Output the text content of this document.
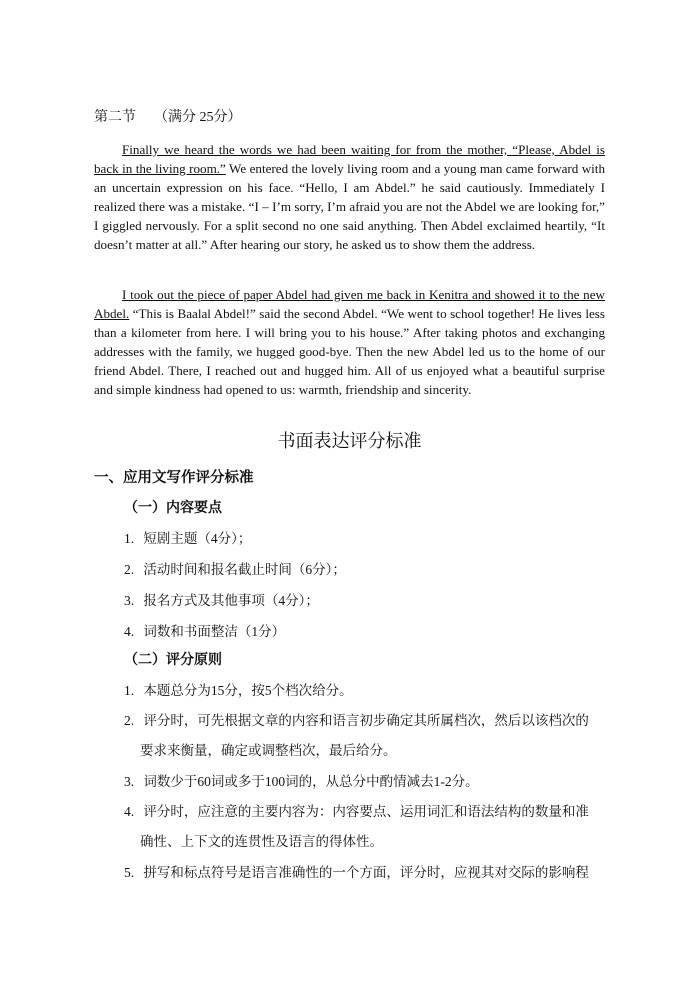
第二节 （满分 25分）

Finally we heard the words we had been waiting for from the mother, “Please, Abdel is back in the living room.” We entered the lovely living room and a young man came forward with an uncertain expression on his face. “Hello, I am Abdel.” he said cautiously. Immediately I realized there was a mistake. “I – I’m sorry, I’m afraid you are not the Abdel we are looking for,” I giggled nervously. For a split second no one said anything. Then Abdel exclaimed heartily, “It doesn’t matter at all.” After hearing our story, he asked us to show them the address.

I took out the piece of paper Abdel had given me back in Kenitra and showed it to the new Abdel. “This is Baalal Abdel!” said the second Abdel. “We went to school together! He lives less than a kilometer from here. I will bring you to his house.” After taking photos and exchanging addresses with the family, we hugged good-bye. Then the new Abdel led us to the home of our friend Abdel. There, I reached out and hugged him. All of us enjoyed what a beautiful surprise and simple kindness had opened to us: warmth, friendship and sincerity.

书面表达评分标准
一、应用文写作评分标准
（一）内容要点
1. 短剧主题（4分）；
2. 活动时间和报名截止时间（6分）；
3. 报名方式及其他事项（4分）；
4. 词数和书面整洁（1分）
（二）评分原则
1. 本题总分为15分，按5个档次给分。
2. 评分时，可先根据文章的内容和语言初步确定其所属档次，然后以该档次的
要求来衡量，确定或调整档次，最后给分。
3. 词数少于60词或多于100词的，从总分中酌情减去1-2分。
4. 评分时，应注意的主要内容为：内容要点、运用词汇和语法结构的数量和准
确性、上下文的连贯性及语言的得体性。
5. 拼写和标点符号是语言准确性的一个方面，评分时，应视其对交际的影响程
